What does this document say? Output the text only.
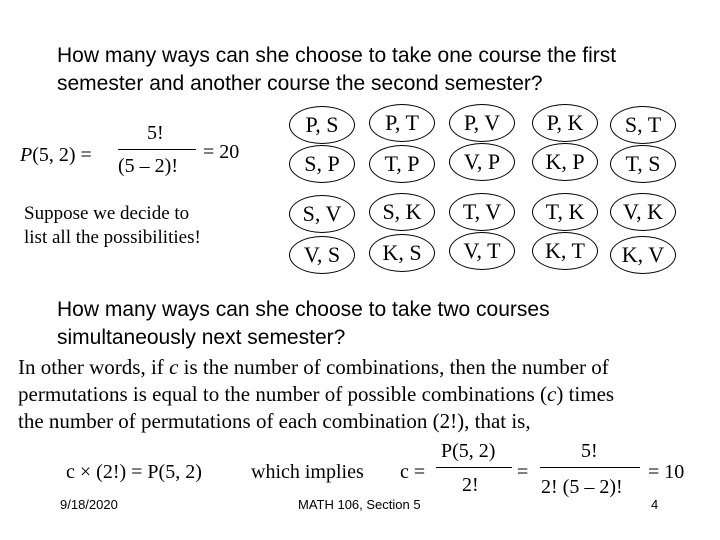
How many ways can she choose to take one course the first
semester and another course the second semester?
P(5, 2) =
5!
(5 – 2)!
= 20
Suppose we decide to
list all the possibilities!
P, S	P, T	P, V	P, K	S, T
S, P	T, P	V, P	K, P	T, S
S, V	S, K	T, V	T, K	V, K
V, S	K, S	V, T	K, T	K, V
How many ways can she choose to take two courses
simultaneously next semester?
In other words, if c is the number of combinations, then the number of
permutations is equal to the number of possible combinations (c) times
the number of permutations of each combination (2!), that is,
c × (2!) = P(5, 2) which implies c =
P(5, 2)
2!
=
5!
2! (5 – 2)!
= 10
9/18/2020	MATH 106, Section 5	4
